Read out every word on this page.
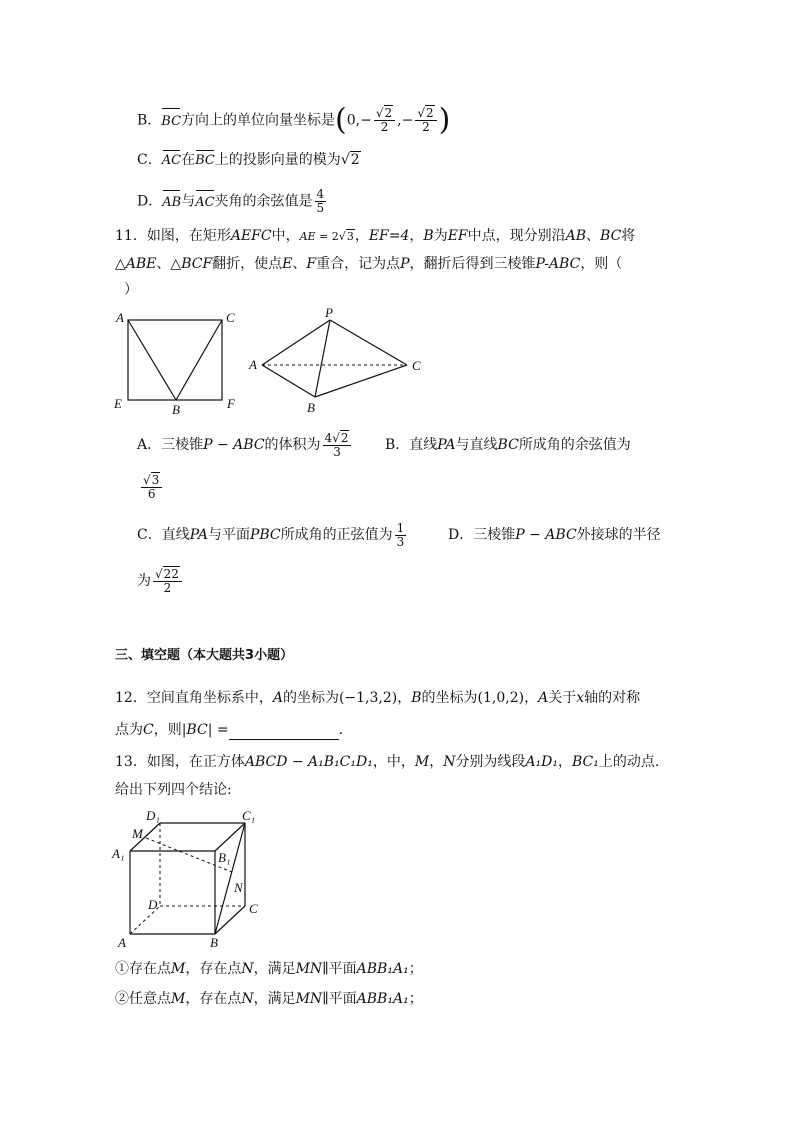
B．BC方向上的单位向量坐标是($0,- \frac{√2}{2}$ ,− $\frac{√2}{2}$ )
C．AC在BC上的投影向量的模为√2
D．AB与AC夹角的余弦值是 $\frac{4}{5}$
11．如图，在矩形AEFC中，AE = 2√3，EF=4，B为EF中点，现分别沿AB、BC将
△ABE、△BCF翻折，使点E、F重合，记为点P，翻折后得到三棱锥P-ABC，则（
）
A	C
E	B	F
P
A	C
B
A．三棱锥P − ABC的体积为 $\frac{4√2}{3}$ B．直线PA与直线BC所成角的余弦值为
$\frac{√3}{6}$
C．直线PA与平面PBC所成角的正弦值为 $\frac{1}{3}$	D．三棱锥P − ABC外接球的半径
为 $\frac{√22}{2}$
三、填空题（本大题共3小题）
12．空间直角坐标系中，A的坐标为(−1,3,2)，B的坐标为(1,0,2)，A关于x轴的对称
点为C，则|BC| =	.
13．如图，在正方体ABCD − A₁B₁C₁D₁，中，M，N分别为线段A₁D₁，BC₁上的动点.
给出下列四个结论:
D₁	C₁
M
A₁	B₁
N
D	C
A	B
①存在点M，存在点N，满足MN∥平面ABB₁A₁；
②任意点M，存在点N，满足MN∥平面ABB₁A₁；
